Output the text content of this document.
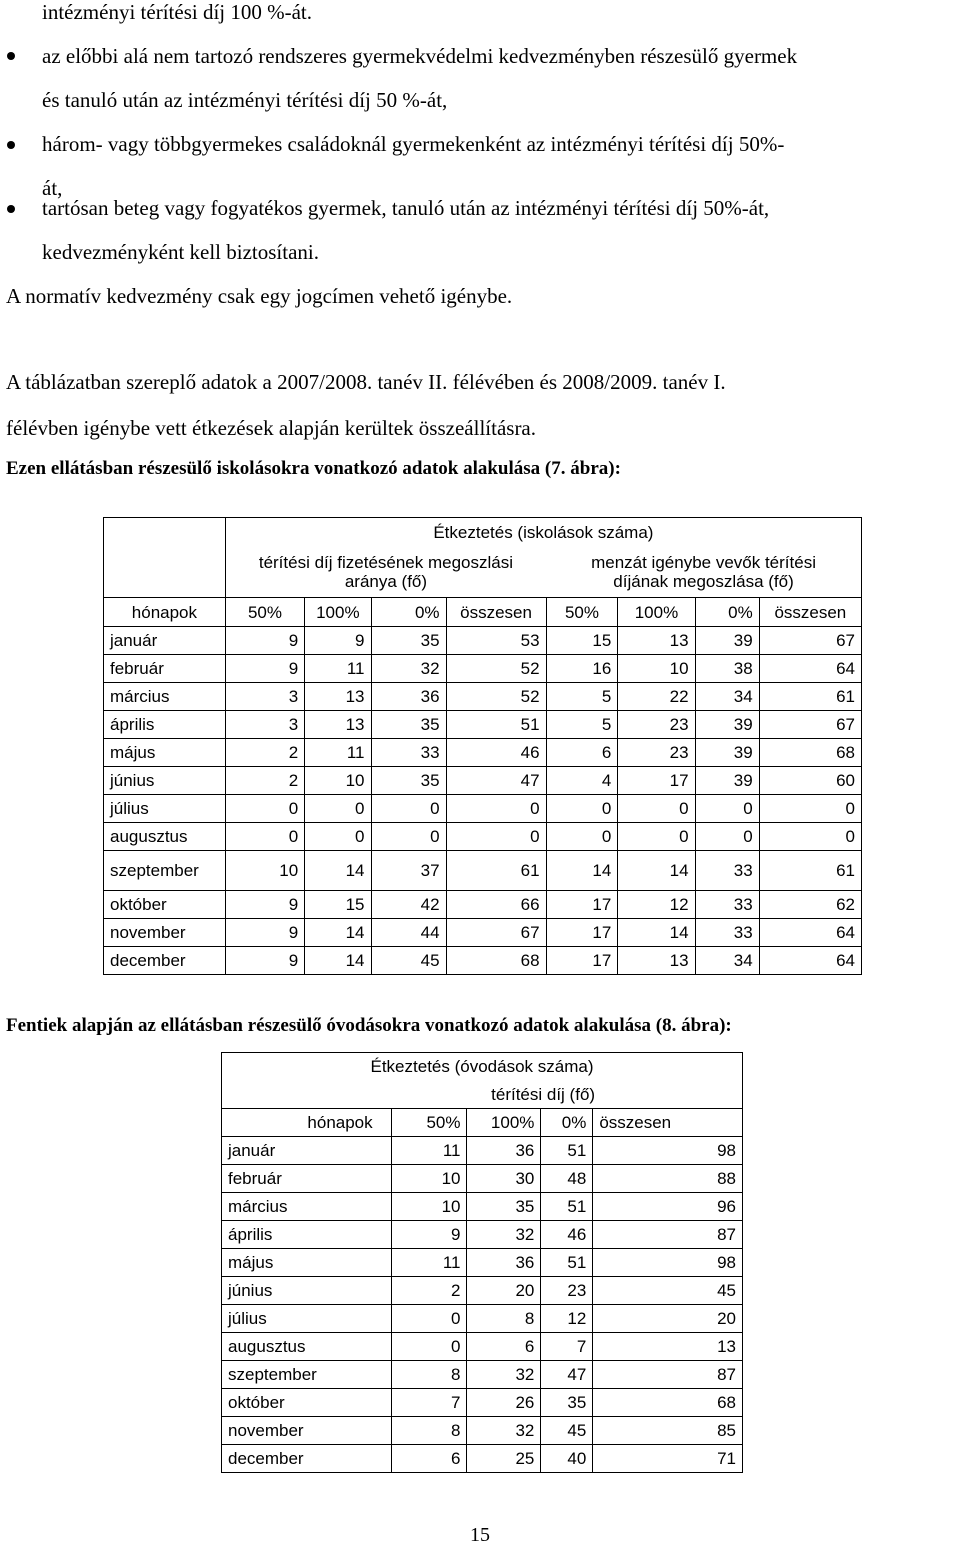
intézményi térítési díj 100 %-át.
az előbbi alá nem tartozó rendszeres gyermekvédelmi kedvezményben részesülő gyermek
és tanuló után az intézményi térítési díj 50 %-át,
három- vagy többgyermekes családoknál gyermekenként az intézményi térítési díj 50%-
át,
tartósan beteg vagy fogyatékos gyermek, tanuló után az intézményi térítési díj 50%-át,
kedvezményként kell biztosítani.
A normatív kedvezmény csak egy jogcímen vehető igénybe.
A táblázatban szereplő adatok a 2007/2008. tanév II. félévében és 2008/2009. tanév I.
félévben igénybe vett étkezések alapján kerültek összeállításra.
Ezen ellátásban részesülő iskolásokra vonatkozó adatok alakulása (7. ábra):
	Étkeztetés (iskolások száma)							
	térítési díj fizetésének megoszlási aránya (fő)				menzát igénybe vevők térítési díjának megoszlása (fő)			
hónapok	50%	100%	0%	összesen	50%	100%	0%	összesen
január	9	9	35	53	15	13	39	67
február	9	11	32	52	16	10	38	64
március	3	13	36	52	5	22	34	61
április	3	13	35	51	5	23	39	67
május	2	11	33	46	6	23	39	68
június	2	10	35	47	4	17	39	60
július	0	0	0	0	0	0	0	0
augusztus	0	0	0	0	0	0	0	0
szeptember	10	14	37	61	14	14	33	61
október	9	15	42	66	17	12	33	62
november	9	14	44	67	17	14	33	64
december	9	14	45	68	17	13	34	64
Fentiek alapján az ellátásban részesülő óvodásokra vonatkozó adatok alakulása (8. ábra):
Étkeztetés (óvodások száma)				
	térítési díj (fő)			
hónapok	50%	100%	0%	összesen
január	11	36	51	98
február	10	30	48	88
március	10	35	51	96
április	9	32	46	87
május	11	36	51	98
június	2	20	23	45
július	0	8	12	20
augusztus	0	6	7	13
szeptember	8	32	47	87
október	7	26	35	68
november	8	32	45	85
december	6	25	40	71
15
